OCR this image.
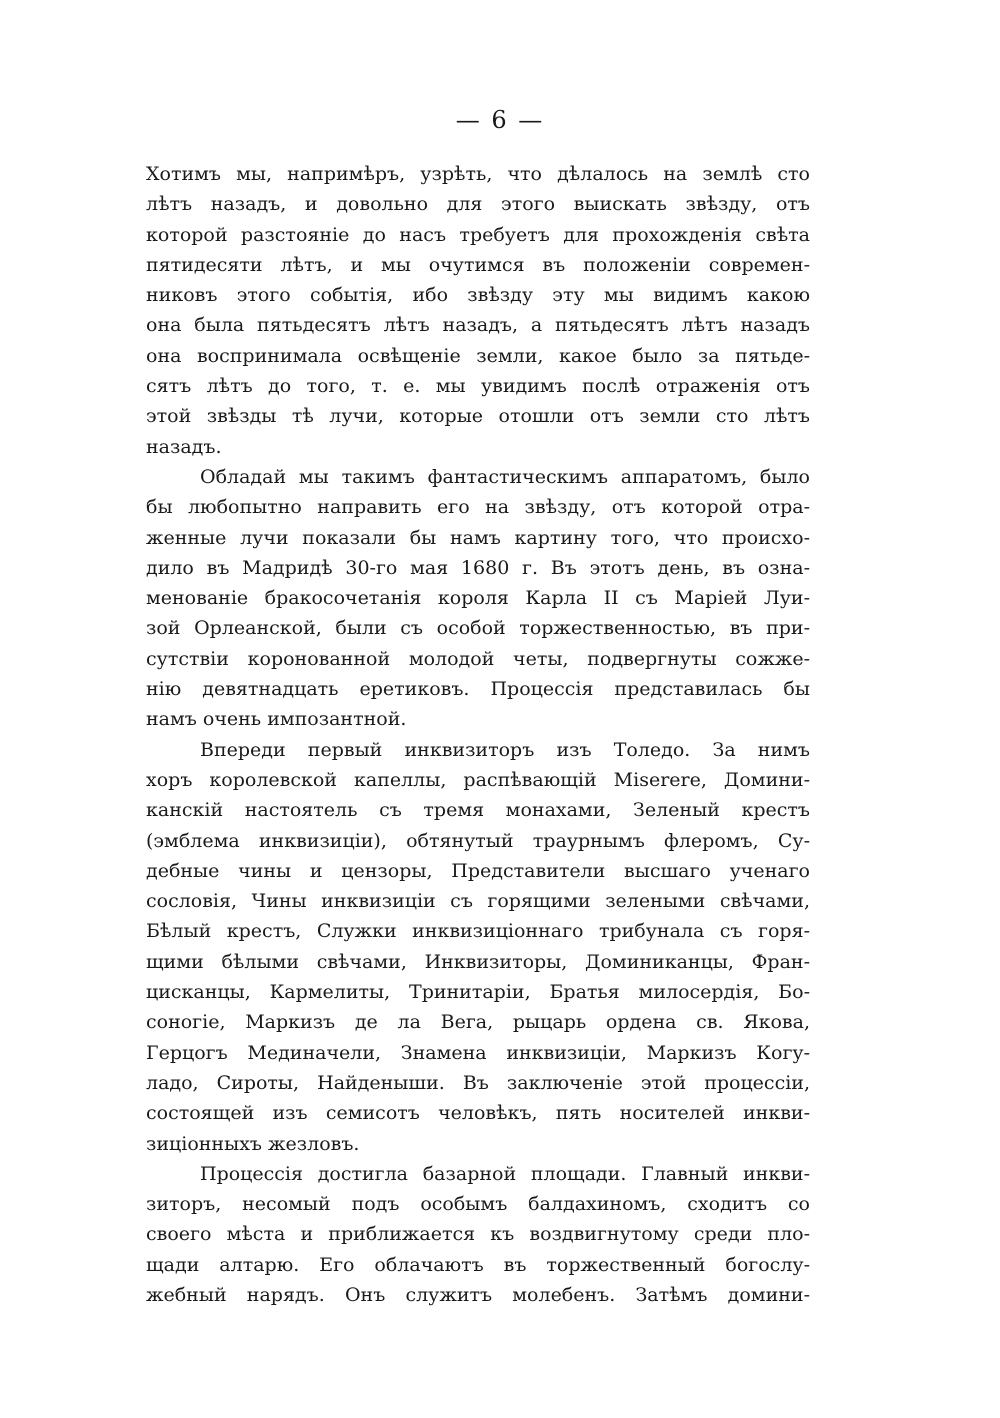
— 6 —
Хотимъ мы, напримѣръ, узрѣть, что дѣлалось на землѣ сто
лѣтъ назадъ, и довольно для этого выискать звѣзду, отъ
которой разстояніе до насъ требуетъ для прохожденія свѣта
пятидесяти лѣтъ, и мы очутимся въ положеніи современ-
никовъ этого событія, ибо звѣзду эту мы видимъ какою
она была пятьдесятъ лѣтъ назадъ, а пятьдесятъ лѣтъ назадъ
она воспринимала освѣщеніе земли, какое было за пятьде-
сятъ лѣтъ до того, т. е. мы увидимъ послѣ отраженія отъ
этой звѣзды тѣ лучи, которые отошли отъ земли сто лѣтъ
назадъ.
Обладай мы такимъ фантастическимъ аппаратомъ, было
бы любопытно направить его на звѣзду, отъ которой отра-
женные лучи показали бы намъ картину того, что происхо-
дило въ Мадридѣ 30-го мая 1680 г. Въ этотъ день, въ озна-
менованіе бракосочетанія короля Карла II съ Маріей Луи-
зой Орлеанской, были съ особой торжественностью, въ при-
сутствіи коронованной молодой четы, подвергнуты сожже-
нію девятнадцать еретиковъ. Процессія представилась бы
намъ очень импозантной.
Впереди первый инквизиторъ изъ Толедо. За нимъ
хоръ королевской капеллы, распѣвающій Miserere, Домини-
канскій настоятель съ тремя монахами, Зеленый крестъ
(эмблема инквизиціи), обтянутый траурнымъ флеромъ, Су-
дебные чины и цензоры, Представители высшаго ученаго
сословія, Чины инквизиціи съ горящими зелеными свѣчами,
Бѣлый крестъ, Служки инквизиціоннаго трибунала съ горя-
щими бѣлыми свѣчами, Инквизиторы, Доминиканцы, Фран-
цисканцы, Кармелиты, Тринитаріи, Братья милосердія, Бо-
соногіе, Маркизъ де ла Вега, рыцарь ордена св. Якова,
Герцогъ Мединачели, Знамена инквизиціи, Маркизъ Когу-
ладо, Сироты, Найденыши. Въ заключеніе этой процессіи,
состоящей изъ семисотъ человѣкъ, пять носителей инкви-
зиціонныхъ жезловъ.
Процессія достигла базарной площади. Главный инкви-
зиторъ, несомый подъ особымъ балдахиномъ, сходитъ со
своего мѣста и приближается къ воздвигнутому среди пло-
щади алтарю. Его облачаютъ въ торжественный богослу-
жебный нарядъ. Онъ служитъ молебенъ. Затѣмъ домини-
